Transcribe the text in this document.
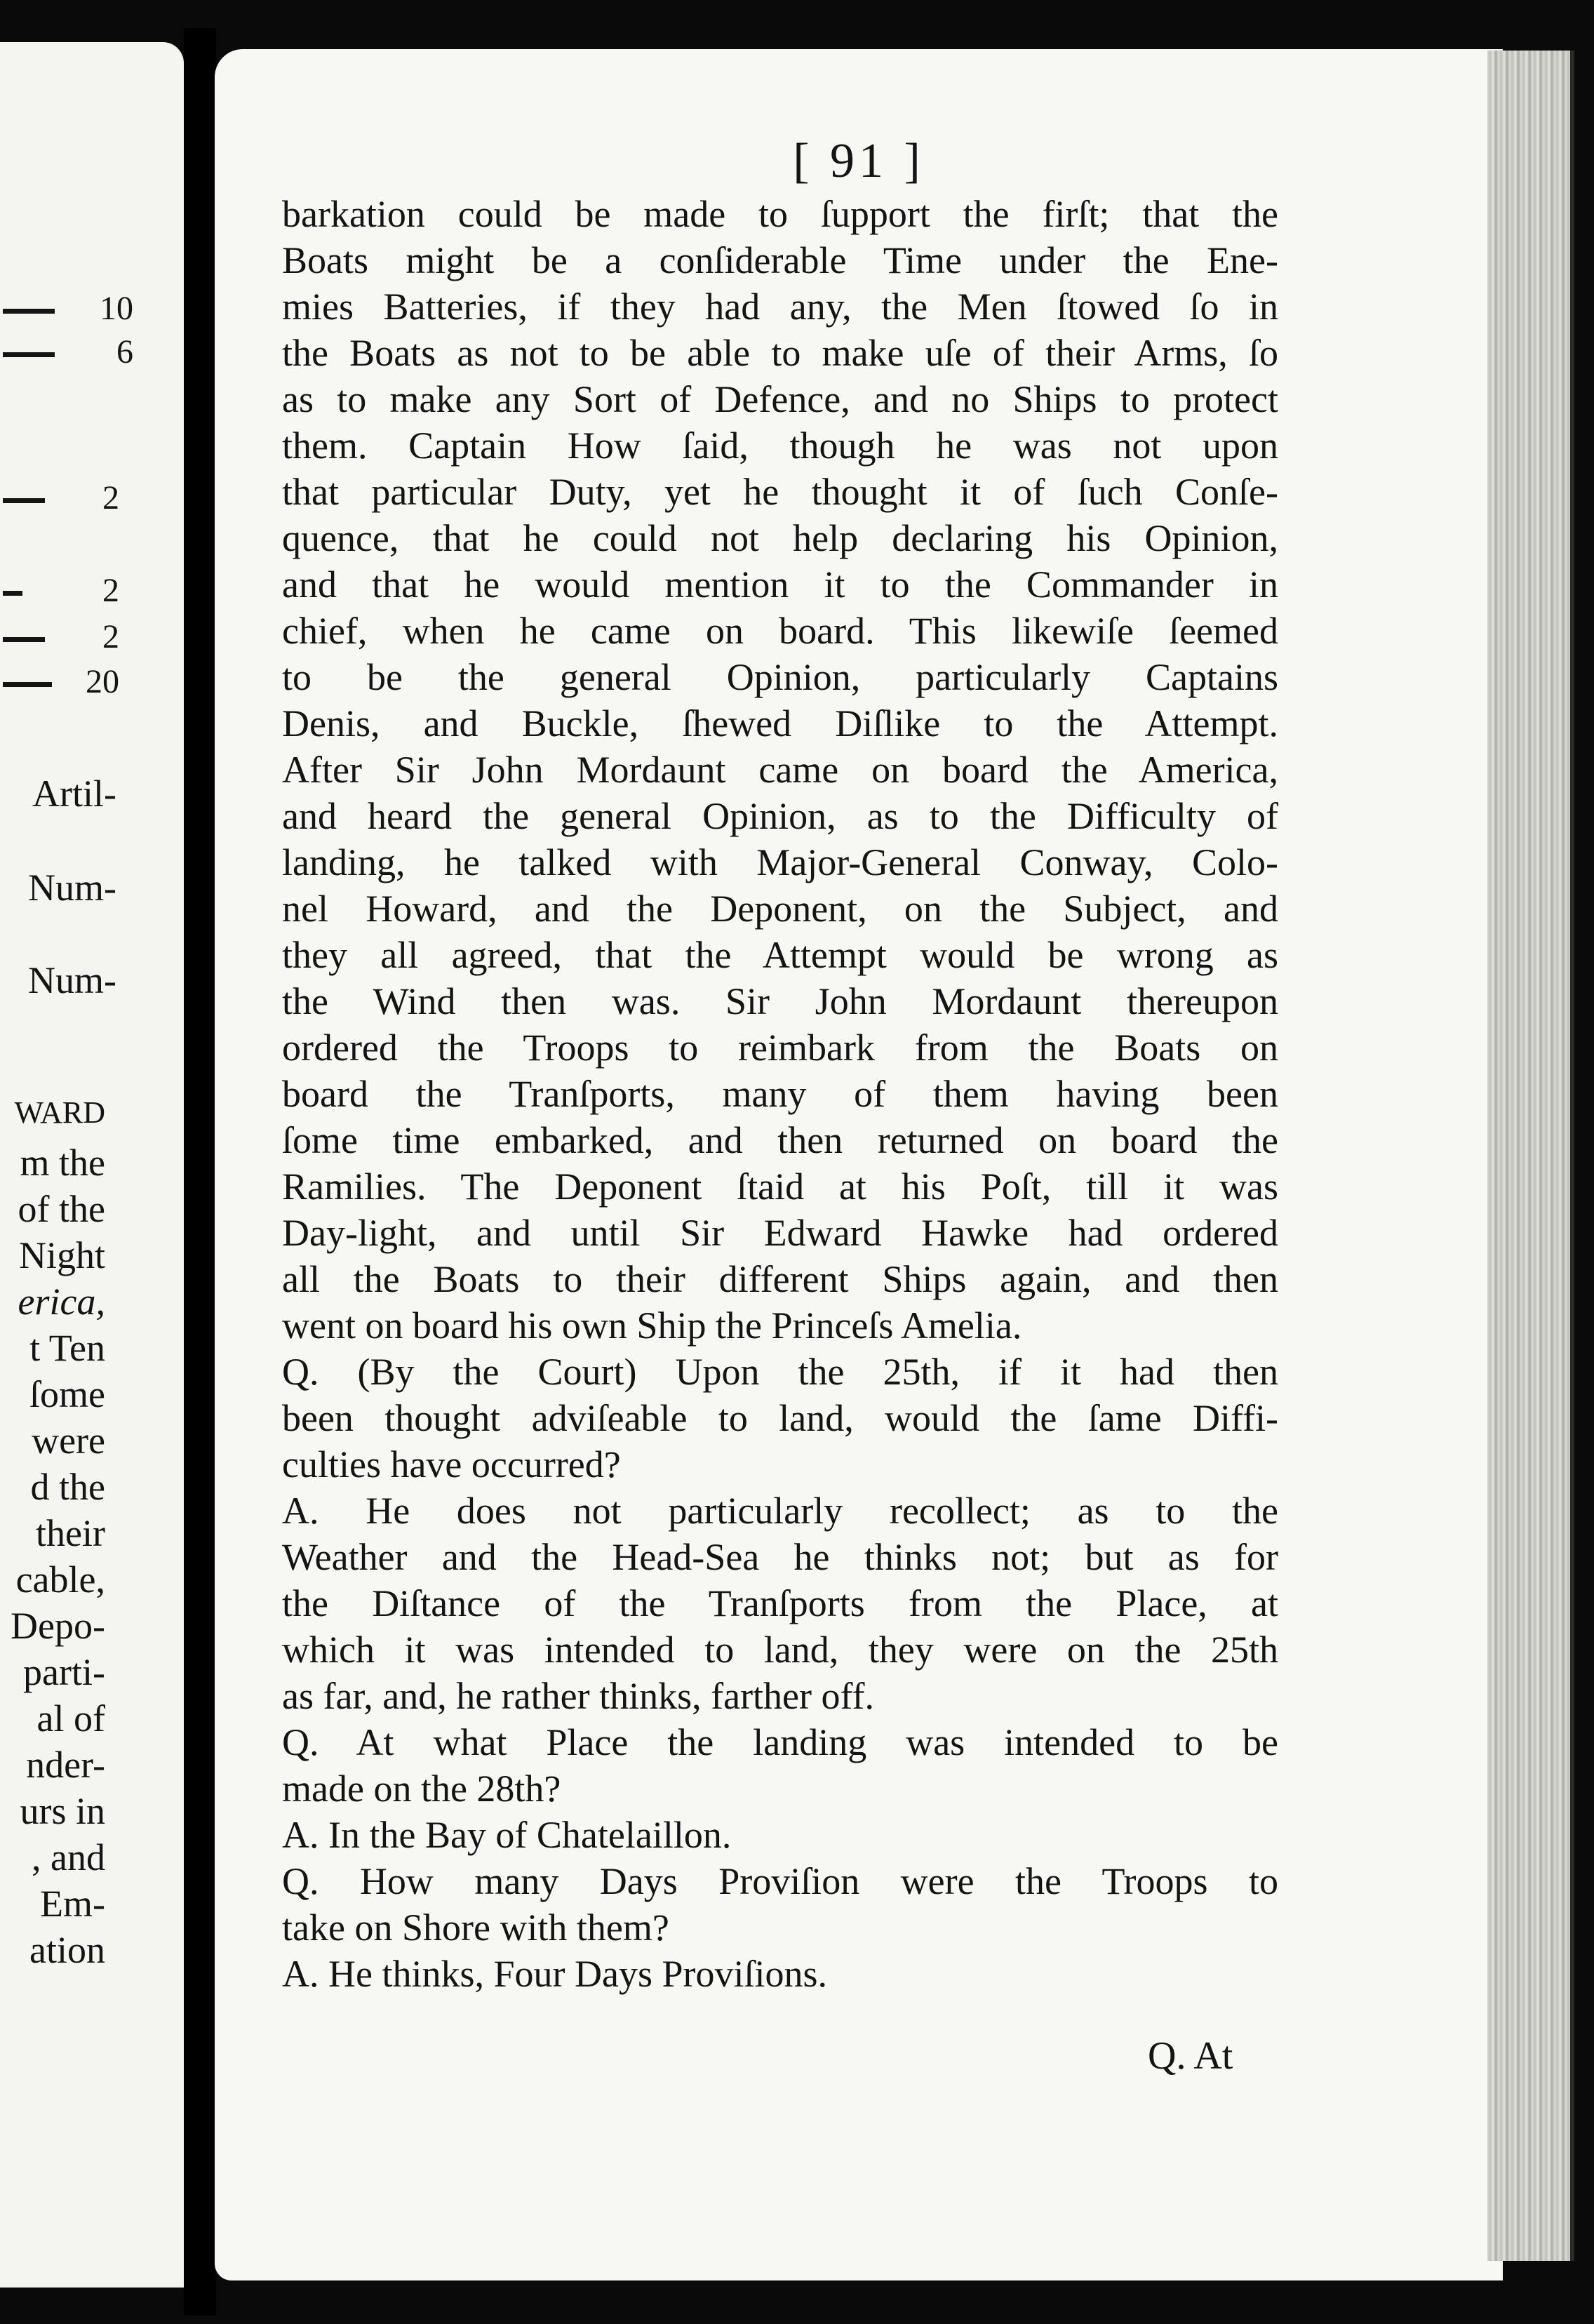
10
6
2
2
2
20
Artil-
Num-
Num-
WARD
m the
of the
Night
erica,
t Ten
ſome
were
d the
their
cable,
Depo-
parti-
al of
nder-
urs in
, and
Em-
ation
[ 91 ]
barkation could be made to ſupport the firſt; that the
Boats might be a conſiderable Time under the Ene-
mies Batteries, if they had any, the Men ſtowed ſo in
the Boats as not to be able to make uſe of their Arms, ſo
as to make any Sort of Defence, and no Ships to protect
them. Captain How ſaid, though he was not upon
that particular Duty, yet he thought it of ſuch Conſe-
quence, that he could not help declaring his Opinion,
and that he would mention it to the Commander in
chief, when he came on board. This likewiſe ſeemed
to be the general Opinion, particularly Captains
Denis, and Buckle, ſhewed Diſlike to the Attempt.
After Sir John Mordaunt came on board the America,
and heard the general Opinion, as to the Difficulty of
landing, he talked with Major-General Conway, Colo-
nel Howard, and the Deponent, on the Subject, and
they all agreed, that the Attempt would be wrong as
the Wind then was. Sir John Mordaunt thereupon
ordered the Troops to reimbark from the Boats on
board the Tranſports, many of them having been
ſome time embarked, and then returned on board the
Ramilies. The Deponent ſtaid at his Poſt, till it was
Day-light, and until Sir Edward Hawke had ordered
all the Boats to their different Ships again, and then
went on board his own Ship the Princeſs Amelia.
Q. (By the Court) Upon the 25th, if it had then
been thought adviſeable to land, would the ſame Diffi-
culties have occurred?
A. He does not particularly recollect; as to the
Weather and the Head-Sea he thinks not; but as for
the Diſtance of the Tranſports from the Place, at
which it was intended to land, they were on the 25th
as far, and, he rather thinks, farther off.
Q. At what Place the landing was intended to be
made on the 28th?
A. In the Bay of Chatelaillon.
Q. How many Days Proviſion were the Troops to
take on Shore with them?
A. He thinks, Four Days Proviſions.
Q. At
